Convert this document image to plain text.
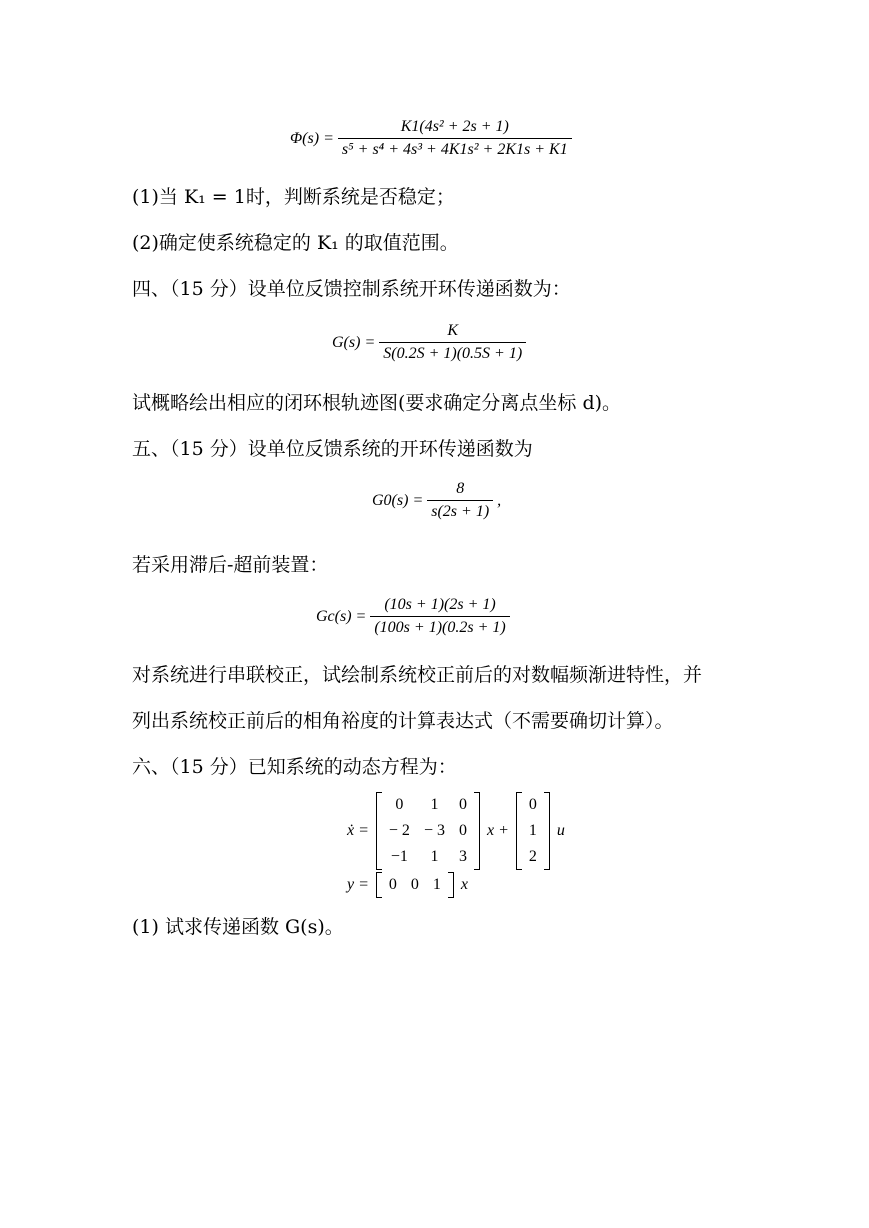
$\Phi(s) = \frac{\text{K1(4s² + 2s + 1)}}{\text{s⁵ + s⁴ + 4s³ + 4K1s² + 2K1s + K1}}$
(1)当 K₁ = 1时，判断系统是否稳定；
(2)确定使系统稳定的 K₁ 的取值范围。
四、（15 分）设单位反馈控制系统开环传递函数为：
$G(s) = \frac{K}{S(0.2S + 1)(0.5S + 1)}$
试概略绘出相应的闭环根轨迹图(要求确定分离点坐标 d)。
五、（15 分）设单位反馈系统的开环传递函数为
$G0(s) = \frac{8}{s(2s + 1)}$ ,
若采用滞后-超前装置：
$Gc(s) = \frac{(10s + 1)(2s + 1)}{(100s + 1)(0.2s + 1)}$
对系统进行串联校正，试绘制系统校正前后的对数幅频渐进特性，并
列出系统校正前后的相角裕度的计算表达式（不需要确切计算）。
六、（15 分）已知系统的动态方程为：
ẋ =
0	1	0
− 2	− 3	0
−1	1	3
x +
0
1
2
u
y = 0	0	1 x
(1) 试求传递函数 G(s)。
